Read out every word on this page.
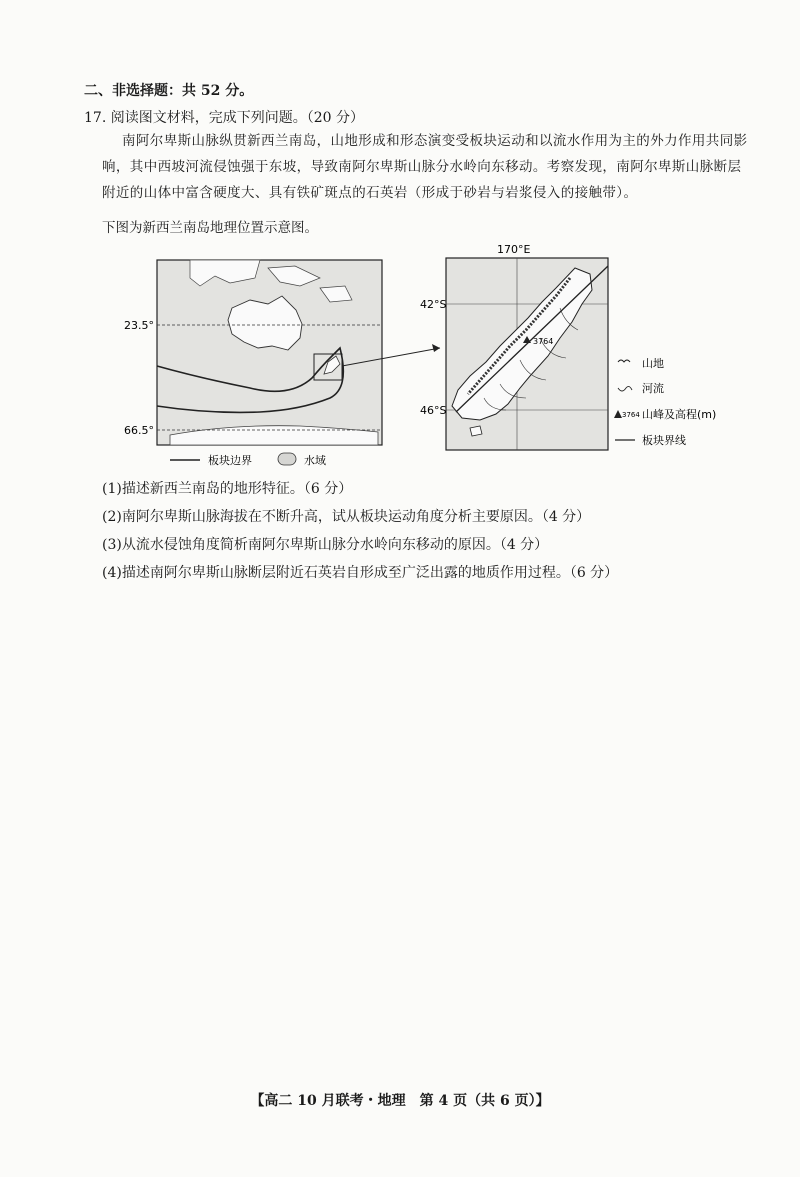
二、非选择题：共 52 分。
17. 阅读图文材料，完成下列问题。（20 分）
南阿尔卑斯山脉纵贯新西兰南岛，山地形成和形态演变受板块运动和以流水作用为主的外力作用共同影响，其中西坡河流侵蚀强于东坡，导致南阿尔卑斯山脉分水岭向东移动。考察发现，南阿尔卑斯山脉断层附近的山体中富含硬度大、具有铁矿斑点的石英岩（形成于砂岩与岩浆侵入的接触带）。
下图为新西兰南岛地理位置示意图。
23.5°
66.5°
板块边界	水域
3764
170°E
42°S
46°S
山地
河流
3764 山峰及高程(m)
板块界线
(1)描述新西兰南岛的地形特征。（6 分）
(2)南阿尔卑斯山脉海拔在不断升高，试从板块运动角度分析主要原因。（4 分）
(3)从流水侵蚀角度简析南阿尔卑斯山脉分水岭向东移动的原因。（4 分）
(4)描述南阿尔卑斯山脉断层附近石英岩自形成至广泛出露的地质作用过程。（6 分）
【高二 10 月联考・地理　第 4 页（共 6 页）】
